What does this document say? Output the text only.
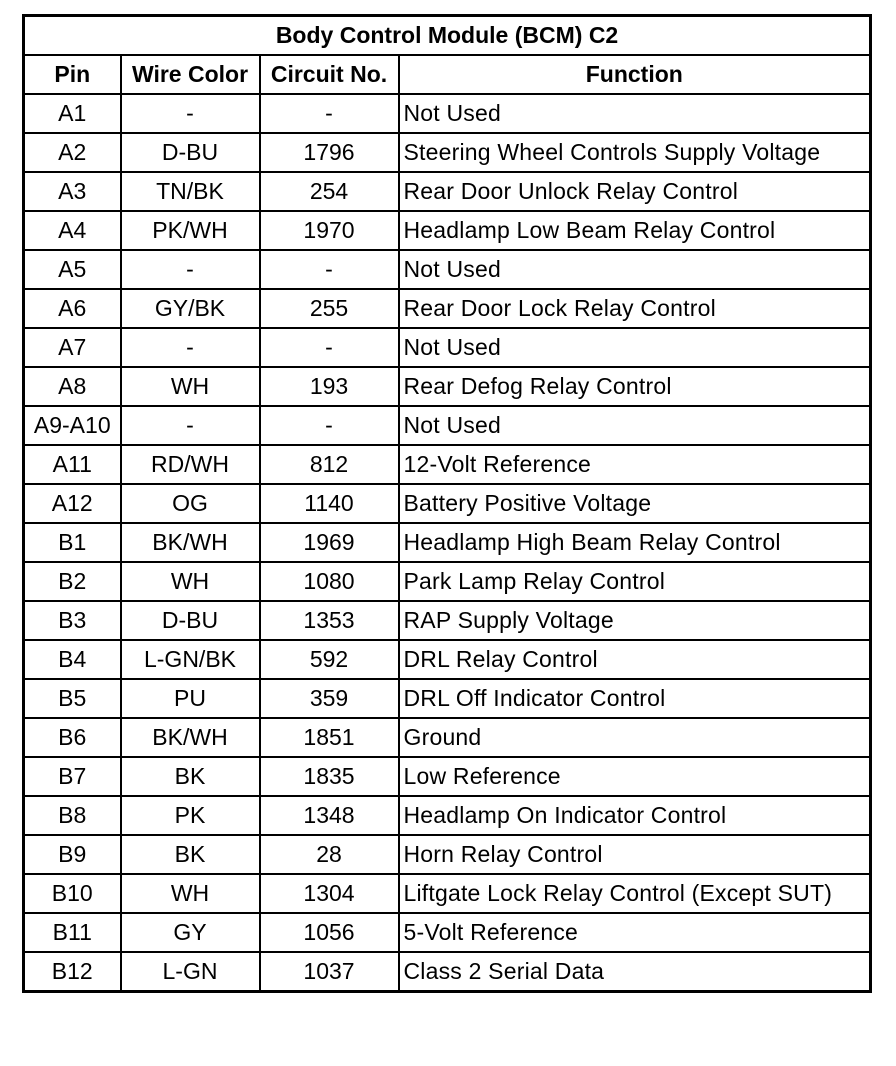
Body Control Module (BCM) C2			
Pin	Wire Color	Circuit No.	Function
A1	-	-	Not Used
A2	D-BU	1796	Steering Wheel Controls Supply Voltage
A3	TN/BK	254	Rear Door Unlock Relay Control
A4	PK/WH	1970	Headlamp Low Beam Relay Control
A5	-	-	Not Used
A6	GY/BK	255	Rear Door Lock Relay Control
A7	-	-	Not Used
A8	WH	193	Rear Defog Relay Control
A9-A10	-	-	Not Used
A11	RD/WH	812	12-Volt Reference
A12	OG	1140	Battery Positive Voltage
B1	BK/WH	1969	Headlamp High Beam Relay Control
B2	WH	1080	Park Lamp Relay Control
B3	D-BU	1353	RAP Supply Voltage
B4	L-GN/BK	592	DRL Relay Control
B5	PU	359	DRL Off Indicator Control
B6	BK/WH	1851	Ground
B7	BK	1835	Low Reference
B8	PK	1348	Headlamp On Indicator Control
B9	BK	28	Horn Relay Control
B10	WH	1304	Liftgate Lock Relay Control (Except SUT)
B11	GY	1056	5-Volt Reference
B12	L-GN	1037	Class 2 Serial Data
